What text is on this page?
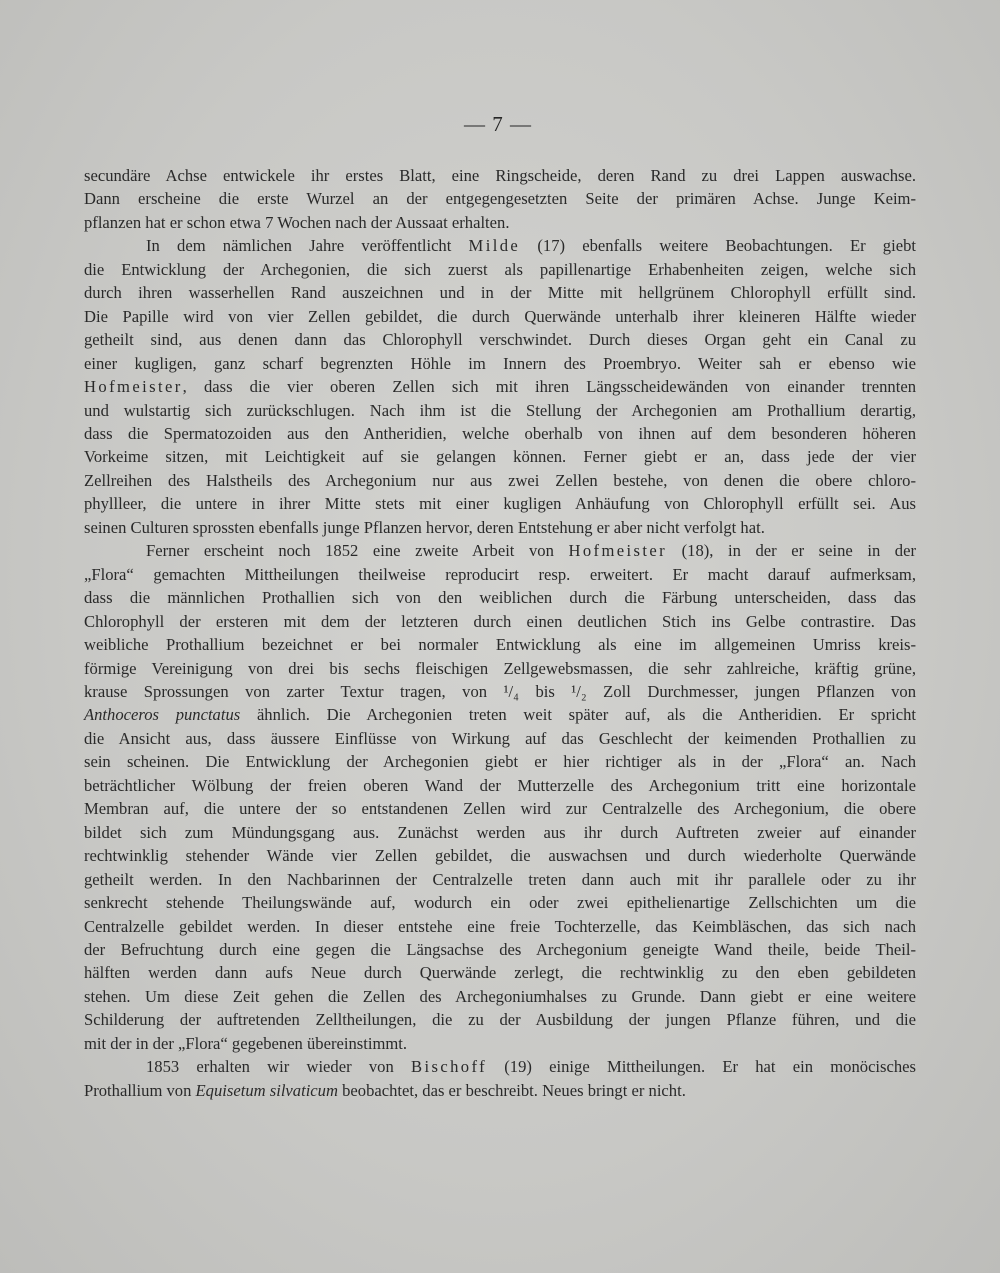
— 7 —
secundäre Achse entwickele ihr erstes Blatt, eine Ringscheide, deren Rand zu drei Lappen auswachse.
Dann erscheine die erste Wurzel an der entgegengesetzten Seite der primären Achse. Junge Keim-
pflanzen hat er schon etwa 7 Wochen nach der Aussaat erhalten.
In dem nämlichen Jahre veröffentlicht Milde (17) ebenfalls weitere Beobachtungen. Er giebt
die Entwicklung der Archegonien, die sich zuerst als papillenartige Erhabenheiten zeigen, welche sich
durch ihren wasserhellen Rand auszeichnen und in der Mitte mit hellgrünem Chlorophyll erfüllt sind.
Die Papille wird von vier Zellen gebildet, die durch Querwände unterhalb ihrer kleineren Hälfte wieder
getheilt sind, aus denen dann das Chlorophyll verschwindet. Durch dieses Organ geht ein Canal zu
einer kugligen, ganz scharf begrenzten Höhle im Innern des Proembryo. Weiter sah er ebenso wie
Hofmeister, dass die vier oberen Zellen sich mit ihren Längsscheidewänden von einander trennten
und wulstartig sich zurückschlugen. Nach ihm ist die Stellung der Archegonien am Prothallium derartig,
dass die Spermatozoiden aus den Antheridien, welche oberhalb von ihnen auf dem besonderen höheren
Vorkeime sitzen, mit Leichtigkeit auf sie gelangen können. Ferner giebt er an, dass jede der vier
Zellreihen des Halstheils des Archegonium nur aus zwei Zellen bestehe, von denen die obere chloro-
phyllleer, die untere in ihrer Mitte stets mit einer kugligen Anhäufung von Chlorophyll erfüllt sei. Aus
seinen Culturen sprossten ebenfalls junge Pflanzen hervor, deren Entstehung er aber nicht verfolgt hat.
Ferner erscheint noch 1852 eine zweite Arbeit von Hofmeister (18), in der er seine in der
„Flora“ gemachten Mittheilungen theilweise reproducirt resp. erweitert. Er macht darauf aufmerksam,
dass die männlichen Prothallien sich von den weiblichen durch die Färbung unterscheiden, dass das
Chlorophyll der ersteren mit dem der letzteren durch einen deutlichen Stich ins Gelbe contrastire. Das
weibliche Prothallium bezeichnet er bei normaler Entwicklung als eine im allgemeinen Umriss kreis-
förmige Vereinigung von drei bis sechs fleischigen Zellgewebsmassen, die sehr zahlreiche, kräftig grüne,
krause Sprossungen von zarter Textur tragen, von ¹/₄ bis ¹/₂ Zoll Durchmesser, jungen Pflanzen von
Anthoceros punctatus ähnlich. Die Archegonien treten weit später auf, als die Antheridien. Er spricht
die Ansicht aus, dass äussere Einflüsse von Wirkung auf das Geschlecht der keimenden Prothallien zu
sein scheinen. Die Entwicklung der Archegonien giebt er hier richtiger als in der „Flora“ an. Nach
beträchtlicher Wölbung der freien oberen Wand der Mutterzelle des Archegonium tritt eine horizontale
Membran auf, die untere der so entstandenen Zellen wird zur Centralzelle des Archegonium, die obere
bildet sich zum Mündungsgang aus. Zunächst werden aus ihr durch Auftreten zweier auf einander
rechtwinklig stehender Wände vier Zellen gebildet, die auswachsen und durch wiederholte Querwände
getheilt werden. In den Nachbarinnen der Centralzelle treten dann auch mit ihr parallele oder zu ihr
senkrecht stehende Theilungswände auf, wodurch ein oder zwei epithelienartige Zellschichten um die
Centralzelle gebildet werden. In dieser entstehe eine freie Tochterzelle, das Keimbläschen, das sich nach
der Befruchtung durch eine gegen die Längsachse des Archegonium geneigte Wand theile, beide Theil-
hälften werden dann aufs Neue durch Querwände zerlegt, die rechtwinklig zu den eben gebildeten
stehen. Um diese Zeit gehen die Zellen des Archegoniumhalses zu Grunde. Dann giebt er eine weitere
Schilderung der auftretenden Zelltheilungen, die zu der Ausbildung der jungen Pflanze führen, und die
mit der in der „Flora“ gegebenen übereinstimmt.
1853 erhalten wir wieder von Bischoff (19) einige Mittheilungen. Er hat ein monöcisches
Prothallium von Equisetum silvaticum beobachtet, das er beschreibt. Neues bringt er nicht.
